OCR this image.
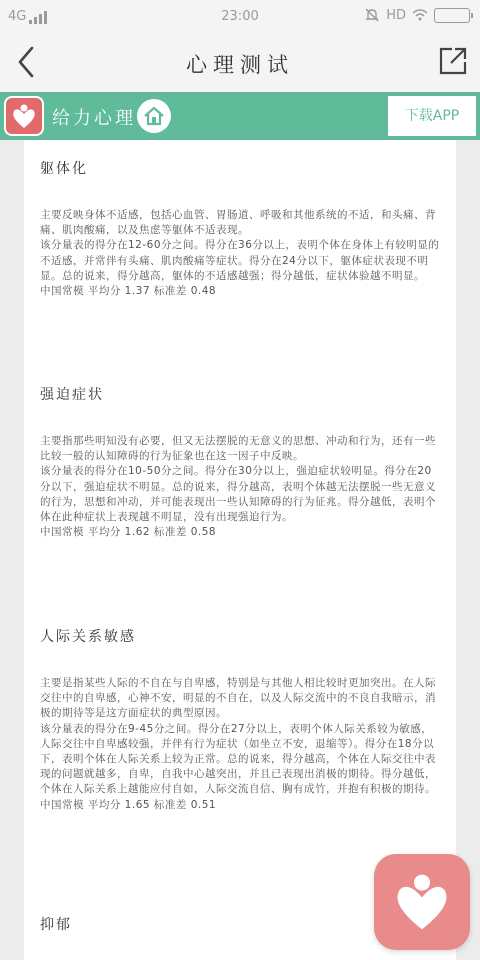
4G	23:00	HD
心理测试
给力心理	下载APP
躯体化

主要反映身体不适感，包括心血管、胃肠道、呼吸和其他系统的不适，和头痛、背痛、肌肉酸痛，以及焦虑等躯体不适表现。

该分量表的得分在12-60分之间。得分在36分以上，表明个体在身体上有较明显的不适感，并常伴有头痛、肌肉酸痛等症状。得分在24分以下，躯体症状表现不明显。总的说来，得分越高，躯体的不适感越强；得分越低，症状体验越不明显。

中国常模 平均分 1.37 标准差 0.48

强迫症状

主要指那些明知没有必要，但又无法摆脱的无意义的思想、冲动和行为，还有一些比较一般的认知障碍的行为征象也在这一因子中反映。

该分量表的得分在10-50分之间。得分在30分以上，强迫症状较明显。得分在20分以下，强迫症状不明显。总的说来，得分越高，表明个体越无法摆脱一些无意义的行为，思想和冲动，并可能表现出一些认知障碍的行为征兆。得分越低，表明个体在此种症状上表现越不明显，没有出现强迫行为。

中国常模 平均分 1.62 标准差 0.58

人际关系敏感

主要是指某些人际的不自在与自卑感，特别是与其他人相比较时更加突出。在人际交往中的自卑感，心神不安，明显的不自在，以及人际交流中的不良自我暗示，消极的期待等是这方面症状的典型原因。

该分量表的得分在9-45分之间。得分在27分以上，表明个体人际关系较为敏感，人际交往中自卑感较强，并伴有行为症状（如坐立不安，退缩等）。得分在18分以下，表明个体在人际关系上较为正常。总的说来，得分越高，个体在人际交往中表现的问题就越多，自卑，自我中心越突出，并且已表现出消极的期待。得分越低，个体在人际关系上越能应付自如，人际交流自信、胸有成竹，并抱有积极的期待。

中国常模 平均分 1.65 标准差 0.51

抑郁
